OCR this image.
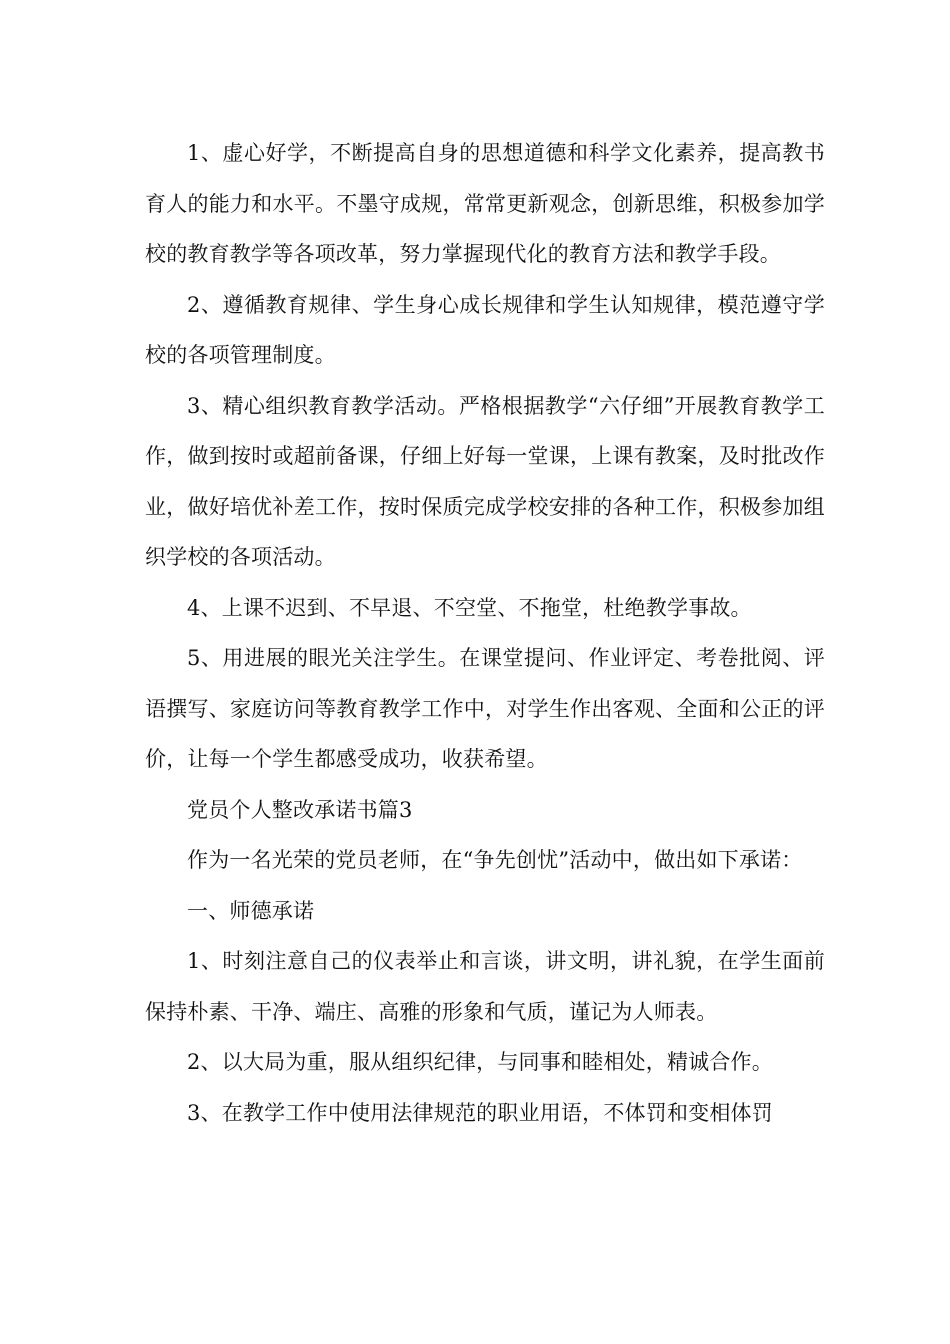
1、虚心好学，不断提高自身的思想道德和科学文化素养，提高教书育人的能力和水平。不墨守成规，常常更新观念，创新思维，积极参加学校的教育教学等各项改革，努力掌握现代化的教育方法和教学手段。

2、遵循教育规律、学生身心成长规律和学生认知规律，模范遵守学校的各项管理制度。

3、精心组织教育教学活动。严格根据教学“六仔细”开展教育教学工作，做到按时或超前备课，仔细上好每一堂课，上课有教案，及时批改作业，做好培优补差工作，按时保质完成学校安排的各种工作，积极参加组织学校的各项活动。

4、上课不迟到、不早退、不空堂、不拖堂，杜绝教学事故。

5、用进展的眼光关注学生。在课堂提问、作业评定、考卷批阅、评语撰写、家庭访问等教育教学工作中，对学生作出客观、全面和公正的评价，让每一个学生都感受成功，收获希望。

党员个人整改承诺书篇3

作为一名光荣的党员老师，在“争先创忧”活动中，做出如下承诺：

一、师德承诺

1、时刻注意自己的仪表举止和言谈，讲文明，讲礼貌，在学生面前保持朴素、干净、端庄、高雅的形象和气质，谨记为人师表。

2、以大局为重，服从组织纪律，与同事和睦相处，精诚合作。

3、在教学工作中使用法律规范的职业用语，不体罚和变相体罚
